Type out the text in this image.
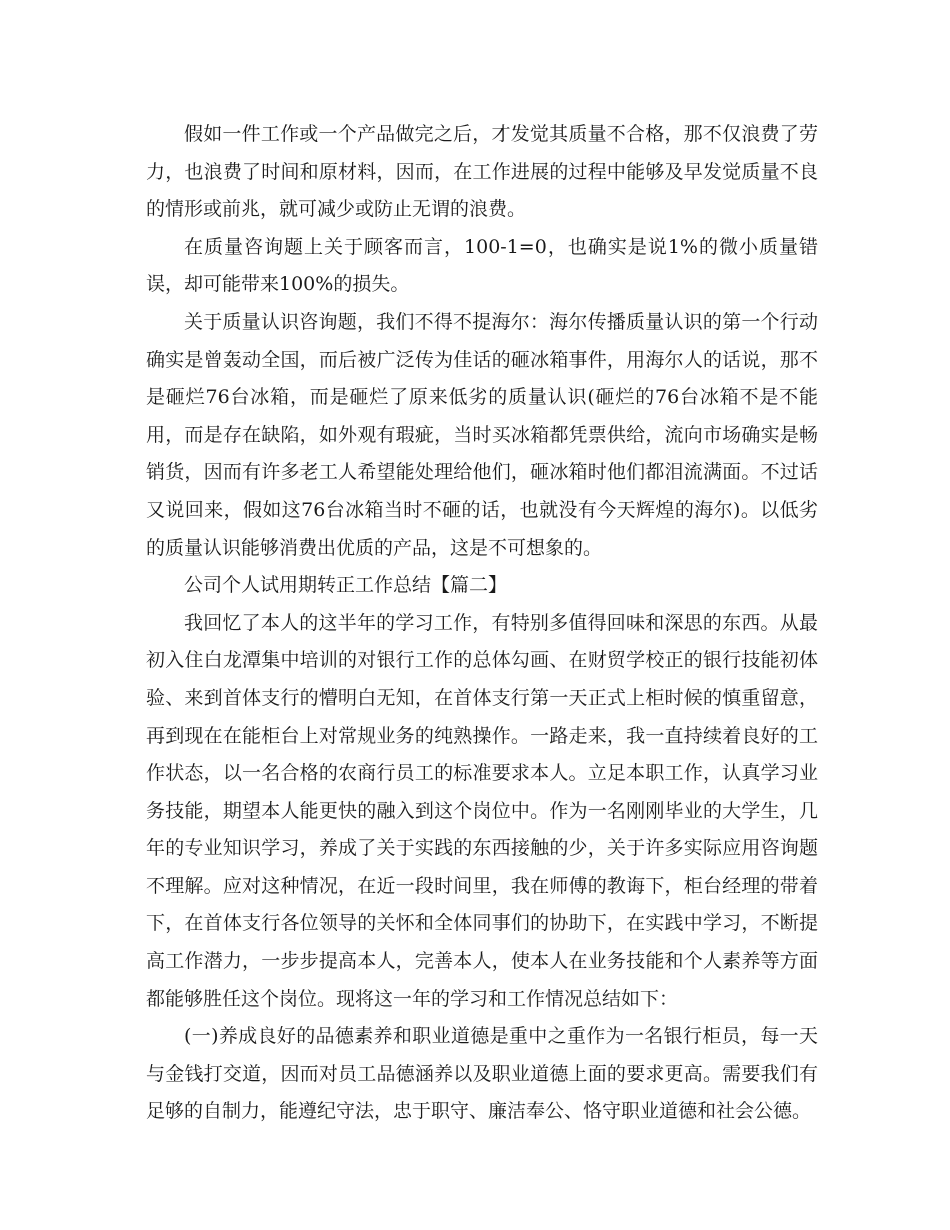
假如一件工作或一个产品做完之后，才发觉其质量不合格，那不仅浪费了劳力，也浪费了时间和原材料，因而，在工作进展的过程中能够及早发觉质量不良的情形或前兆，就可减少或防止无谓的浪费。

在质量咨询题上关于顾客而言，100-1=0，也确实是说1%的微小质量错误，却可能带来100%的损失。

关于质量认识咨询题，我们不得不提海尔：海尔传播质量认识的第一个行动确实是曾轰动全国，而后被广泛传为佳话的砸冰箱事件，用海尔人的话说，那不是砸烂76台冰箱，而是砸烂了原来低劣的质量认识(砸烂的76台冰箱不是不能用，而是存在缺陷，如外观有瑕疵，当时买冰箱都凭票供给，流向市场确实是畅销货，因而有许多老工人希望能处理给他们，砸冰箱时他们都泪流满面。不过话又说回来，假如这76台冰箱当时不砸的话，也就没有今天辉煌的海尔)。以低劣的质量认识能够消费出优质的产品，这是不可想象的。

公司个人试用期转正工作总结【篇二】

我回忆了本人的这半年的学习工作，有特别多值得回味和深思的东西。从最初入住白龙潭集中培训的对银行工作的总体勾画、在财贸学校正的银行技能初体验、来到首体支行的懵明白无知，在首体支行第一天正式上柜时候的慎重留意，再到现在在能柜台上对常规业务的纯熟操作。一路走来，我一直持续着良好的工作状态，以一名合格的农商行员工的标准要求本人。立足本职工作，认真学习业务技能，期望本人能更快的融入到这个岗位中。作为一名刚刚毕业的大学生，几年的专业知识学习，养成了关于实践的东西接触的少，关于许多实际应用咨询题不理解。应对这种情况，在近一段时间里，我在师傅的教诲下，柜台经理的带着下，在首体支行各位领导的关怀和全体同事们的协助下，在实践中学习，不断提高工作潜力，一步步提高本人，完善本人，使本人在业务技能和个人素养等方面都能够胜任这个岗位。现将这一年的学习和工作情况总结如下：

(一)养成良好的品德素养和职业道德是重中之重作为一名银行柜员，每一天与金钱打交道，因而对员工品德涵养以及职业道德上面的要求更高。需要我们有足够的自制力，能遵纪守法，忠于职守、廉洁奉公、恪守职业道德和社会公德。
